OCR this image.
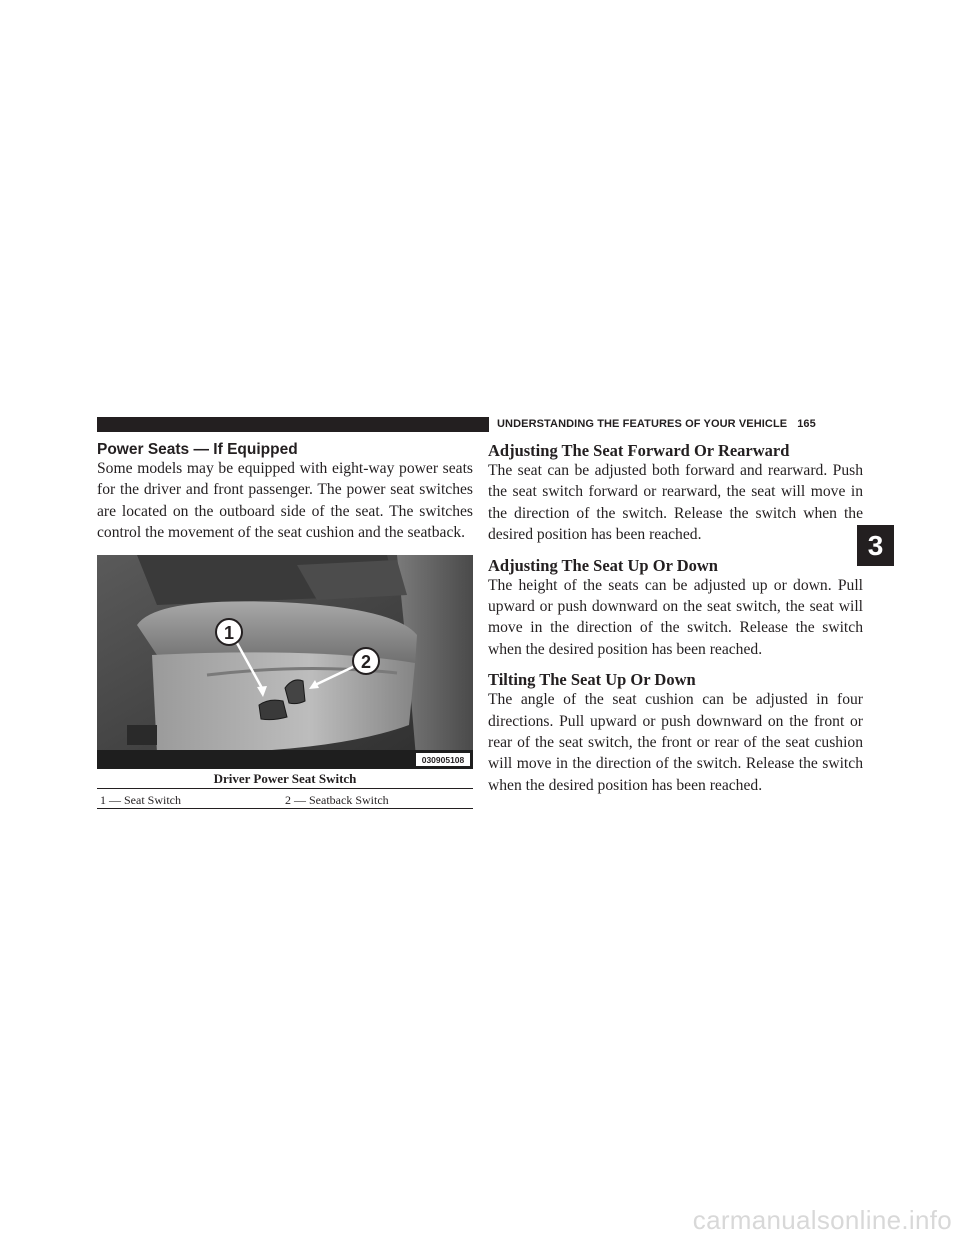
UNDERSTANDING THE FEATURES OF YOUR VEHICLE 165
Power Seats — If Equipped

Some models may be equipped with eight-way power seats for the driver and front passenger. The power seat switches are located on the outboard side of the seat. The switches control the movement of the seat cushion and the seatback.

1
2
030905108
Driver Power Seat Switch
1 — Seat Switch	2 — Seatback Switch
Adjusting The Seat Forward Or Rearward

The seat can be adjusted both forward and rearward. Push the seat switch forward or rearward, the seat will move in the direction of the switch. Release the switch when the desired position has been reached.

Adjusting The Seat Up Or Down

The height of the seats can be adjusted up or down. Pull upward or push downward on the seat switch, the seat will move in the direction of the switch. Release the switch when the desired position has been reached.

Tilting The Seat Up Or Down

The angle of the seat cushion can be adjusted in four directions. Pull upward or push downward on the front or rear of the seat switch, the front or rear of the seat cushion will move in the direction of the switch. Release the switch when the desired position has been reached.

3
carmanualsonline.info
